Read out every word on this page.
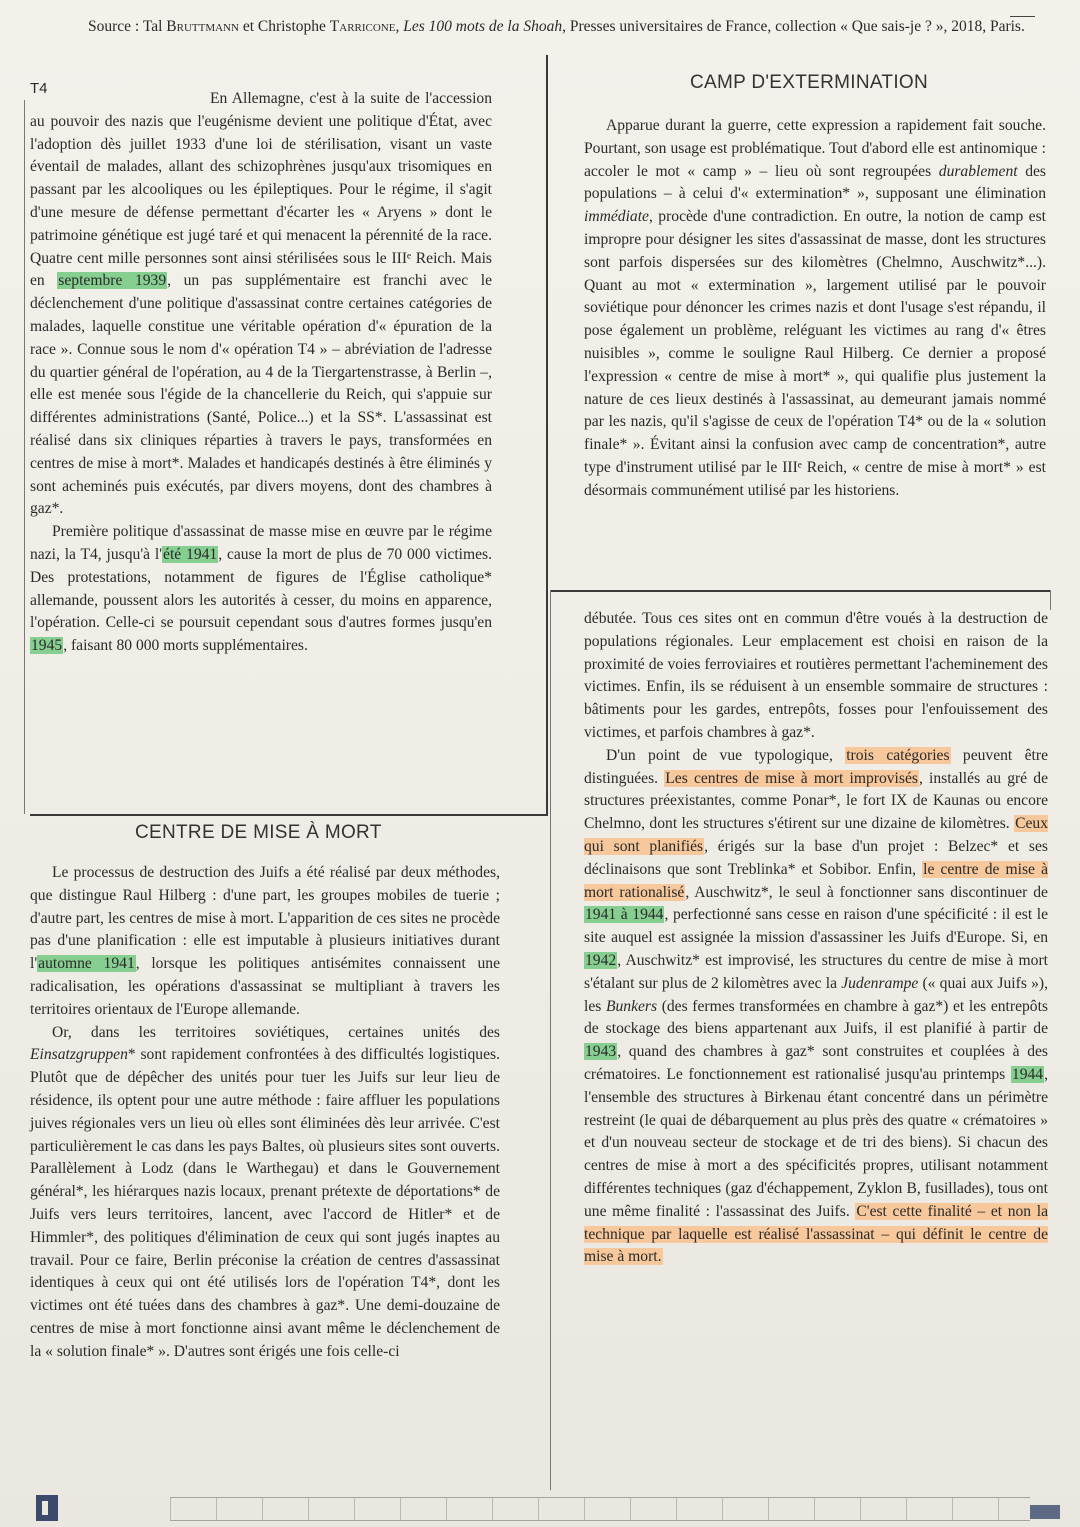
Source : Tal Bruttmann et Christophe Tarricone, Les 100 mots de la Shoah, Presses universitaires de France, collection « Que sais-je ? », 2018, Paris.
T4

En Allemagne, c'est à la suite de l'accession au pouvoir des nazis que l'eugénisme devient une politique d'État, avec l'adoption dès juillet 1933 d'une loi de stérilisation, visant un vaste éventail de malades, allant des schizophrènes jusqu'aux trisomiques en passant par les alcooliques ou les épileptiques. Pour le régime, il s'agit d'une mesure de défense permettant d'écarter les « Aryens » dont le patrimoine génétique est jugé taré et qui menacent la pérennité de la race. Quatre cent mille personnes sont ainsi stérilisées sous le IIIᵉ Reich. Mais en septembre 1939, un pas supplémentaire est franchi avec le déclenchement d'une politique d'assassinat contre certaines catégories de malades, laquelle constitue une véritable opération d'« épuration de la race ». Connue sous le nom d'« opération T4 » – abréviation de l'adresse du quartier général de l'opération, au 4 de la Tiergartenstrasse, à Berlin –, elle est menée sous l'égide de la chancellerie du Reich, qui s'appuie sur différentes administrations (Santé, Police...) et la SS*. L'assassinat est réalisé dans six cliniques réparties à travers le pays, transformées en centres de mise à mort*. Malades et handicapés destinés à être éliminés y sont acheminés puis exécutés, par divers moyens, dont des chambres à gaz*.

Première politique d'assassinat de masse mise en œuvre par le régime nazi, la T4, jusqu'à l'été 1941, cause la mort de plus de 70 000 victimes. Des protestations, notamment de figures de l'Église catholique* allemande, poussent alors les autorités à cesser, du moins en apparence, l'opération. Celle-ci se poursuit cependant sous d'autres formes jusqu'en 1945, faisant 80 000 morts supplémentaires.

CAMP D'EXTERMINATION

Apparue durant la guerre, cette expression a rapidement fait souche. Pourtant, son usage est problématique. Tout d'abord elle est antinomique : accoler le mot « camp » – lieu où sont regroupées durablement des populations – à celui d'« extermination* », supposant une élimination immédiate, procède d'une contradiction. En outre, la notion de camp est impropre pour désigner les sites d'assassinat de masse, dont les structures sont parfois dispersées sur des kilomètres (Chelmno, Auschwitz*...). Quant au mot « extermination », largement utilisé par le pouvoir soviétique pour dénoncer les crimes nazis et dont l'usage s'est répandu, il pose également un problème, reléguant les victimes au rang d'« êtres nuisibles », comme le souligne Raul Hilberg. Ce dernier a proposé l'expression « centre de mise à mort* », qui qualifie plus justement la nature de ces lieux destinés à l'assassinat, au demeurant jamais nommé par les nazis, qu'il s'agisse de ceux de l'opération T4* ou de la « solution finale* ». Évitant ainsi la confusion avec camp de concentration*, autre type d'instrument utilisé par le IIIᵉ Reich, « centre de mise à mort* » est désormais communément utilisé par les historiens.

CENTRE DE MISE À MORT

Le processus de destruction des Juifs a été réalisé par deux méthodes, que distingue Raul Hilberg : d'une part, les groupes mobiles de tuerie ; d'autre part, les centres de mise à mort. L'apparition de ces sites ne procède pas d'une planification : elle est imputable à plusieurs initiatives durant l'automne 1941, lorsque les politiques antisémites connaissent une radicalisation, les opérations d'assassinat se multipliant à travers les territoires orientaux de l'Europe allemande.

Or, dans les territoires soviétiques, certaines unités des Einsatzgruppen* sont rapidement confrontées à des difficultés logistiques. Plutôt que de dépêcher des unités pour tuer les Juifs sur leur lieu de résidence, ils optent pour une autre méthode : faire affluer les populations juives régionales vers un lieu où elles sont éliminées dès leur arrivée. C'est particulièrement le cas dans les pays Baltes, où plusieurs sites sont ouverts. Parallèlement à Lodz (dans le Warthegau) et dans le Gouvernement général*, les hiérarques nazis locaux, prenant prétexte de déportations* de Juifs vers leurs territoires, lancent, avec l'accord de Hitler* et de Himmler*, des politiques d'élimination de ceux qui sont jugés inaptes au travail. Pour ce faire, Berlin préconise la création de centres d'assassinat identiques à ceux qui ont été utilisés lors de l'opération T4*, dont les victimes ont été tuées dans des chambres à gaz*. Une demi-douzaine de centres de mise à mort fonctionne ainsi avant même le déclenchement de la « solution finale* ». D'autres sont érigés une fois celle-ci

débutée. Tous ces sites ont en commun d'être voués à la destruction de populations régionales. Leur emplacement est choisi en raison de la proximité de voies ferroviaires et routières permettant l'acheminement des victimes. Enfin, ils se réduisent à un ensemble sommaire de structures : bâtiments pour les gardes, entrepôts, fosses pour l'enfouissement des victimes, et parfois chambres à gaz*.

D'un point de vue typologique, trois catégories peuvent être distinguées. Les centres de mise à mort improvisés, installés au gré de structures préexistantes, comme Ponar*, le fort IX de Kaunas ou encore Chelmno, dont les structures s'étirent sur une dizaine de kilomètres. Ceux qui sont planifiés, érigés sur la base d'un projet : Belzec* et ses déclinaisons que sont Treblinka* et Sobibor. Enfin, le centre de mise à mort rationalisé, Auschwitz*, le seul à fonctionner sans discontinuer de 1941 à 1944, perfectionné sans cesse en raison d'une spécificité : il est le site auquel est assignée la mission d'assassiner les Juifs d'Europe. Si, en 1942, Auschwitz* est improvisé, les structures du centre de mise à mort s'étalant sur plus de 2 kilomètres avec la Judenrampe (« quai aux Juifs »), les Bunkers (des fermes transformées en chambre à gaz*) et les entrepôts de stockage des biens appartenant aux Juifs, il est planifié à partir de 1943, quand des chambres à gaz* sont construites et couplées à des crématoires. Le fonctionnement est rationalisé jusqu'au printemps 1944, l'ensemble des structures à Birkenau étant concentré dans un périmètre restreint (le quai de débarquement au plus près des quatre « crématoires » et d'un nouveau secteur de stockage et de tri des biens). Si chacun des centres de mise à mort a des spécificités propres, utilisant notamment différentes techniques (gaz d'échappement, Zyklon B, fusillades), tous ont une même finalité : l'assassinat des Juifs. C'est cette finalité – et non la technique par laquelle est réalisé l'assassinat – qui définit le centre de mise à mort.
